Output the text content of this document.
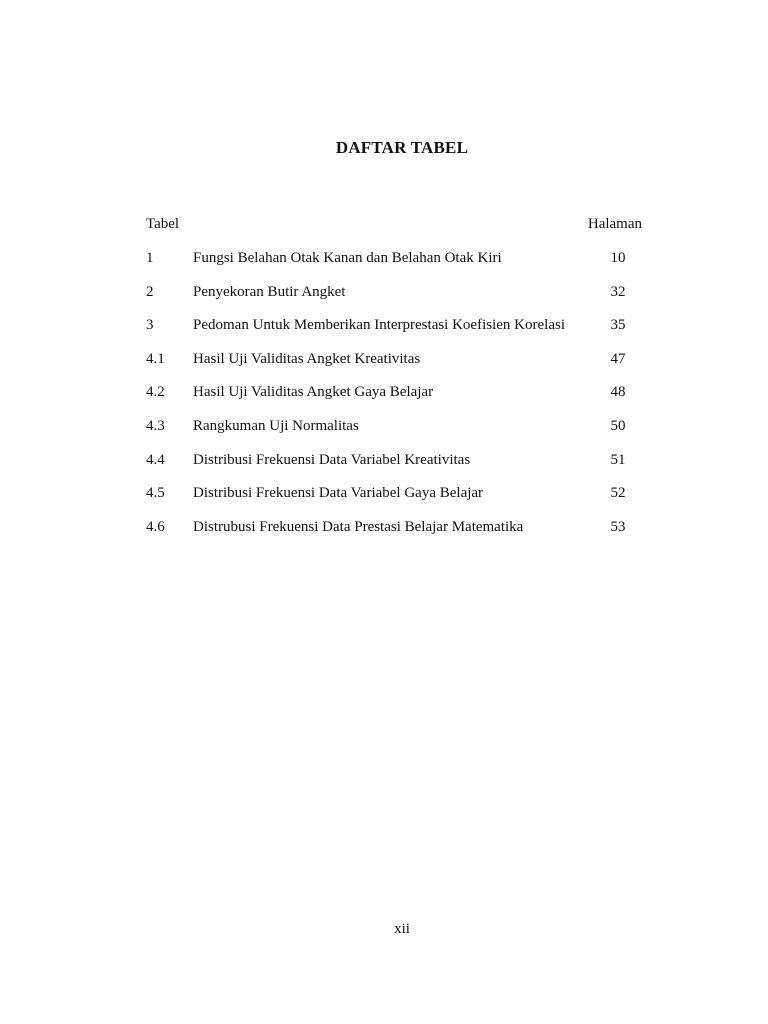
DAFTAR TABEL
Tabel	Halaman
1	Fungsi Belahan Otak Kanan dan Belahan Otak Kiri	10
2	Penyekoran Butir Angket	32
3	Pedoman Untuk Memberikan Interprestasi Koefisien Korelasi	35
4.1 Hasil Uji Validitas Angket Kreativitas	47
4.2 Hasil Uji Validitas Angket Gaya Belajar	48
4.3 Rangkuman Uji Normalitas	50
4.4 Distribusi Frekuensi Data Variabel Kreativitas	51
4.5 Distribusi Frekuensi Data Variabel Gaya Belajar	52
4.6 Distrubusi Frekuensi Data Prestasi Belajar Matematika	53
xii
